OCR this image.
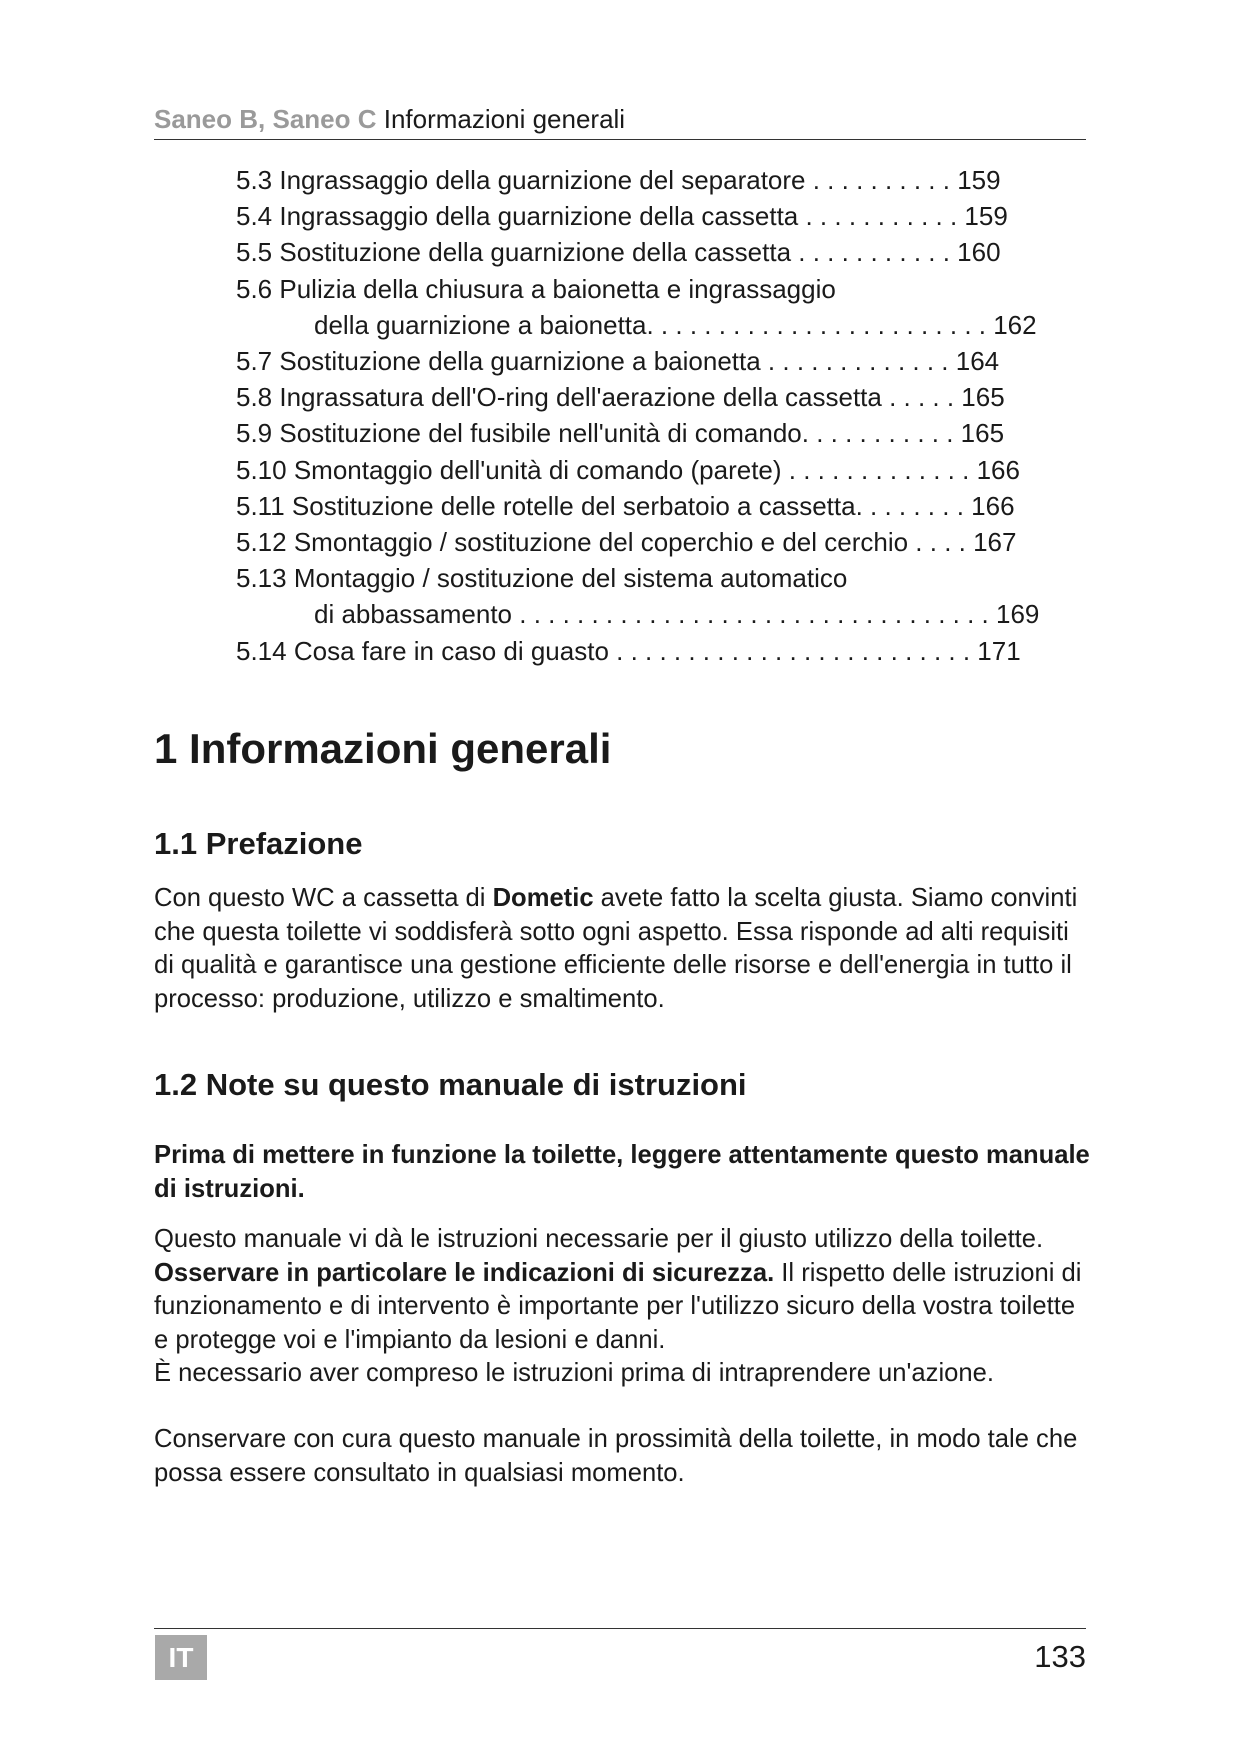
Saneo B, Saneo C Informazioni generali
5.3 Ingrassaggio della guarnizione del separatore . . . . . . . . . . 159
5.4 Ingrassaggio della guarnizione della cassetta . . . . . . . . . . . 159
5.5 Sostituzione della guarnizione della cassetta . . . . . . . . . . . 160
5.6 Pulizia della chiusura a baionetta e ingrassaggio
della guarnizione a baionetta. . . . . . . . . . . . . . . . . . . . . . . . 162
5.7 Sostituzione della guarnizione a baionetta . . . . . . . . . . . . . 164
5.8 Ingrassatura dell'O-ring dell'aerazione della cassetta . . . . . 165
5.9 Sostituzione del fusibile nell'unità di comando. . . . . . . . . . . 165
5.10 Smontaggio dell'unità di comando (parete) . . . . . . . . . . . . . 166
5.11 Sostituzione delle rotelle del serbatoio a cassetta. . . . . . . . 166
5.12 Smontaggio / sostituzione del coperchio e del cerchio . . . . 167
5.13 Montaggio / sostituzione del sistema automatico
di abbassamento . . . . . . . . . . . . . . . . . . . . . . . . . . . . . . . . . 169
5.14 Cosa fare in caso di guasto . . . . . . . . . . . . . . . . . . . . . . . . . 171
1 Informazioni generali
1.1 Prefazione

Con questo WC a cassetta di Dometic avete fatto la scelta giusta. Siamo convinti che questa toilette vi soddisferà sotto ogni aspetto. Essa risponde ad alti requisiti di qualità e garantisce una gestione efficiente delle risorse e dell'energia in tutto il processo: produzione, utilizzo e smaltimento.

1.2 Note su questo manuale di istruzioni

Prima di mettere in funzione la toilette, leggere attentamente questo manuale di istruzioni.

Questo manuale vi dà le istruzioni necessarie per il giusto utilizzo della toilette. Osservare in particolare le indicazioni di sicurezza. Il rispetto delle istruzioni di funzionamento e di intervento è importante per l'utilizzo sicuro della vostra toilette e protegge voi e l'impianto da lesioni e danni.
È necessario aver compreso le istruzioni prima di intraprendere un'azione.

Conservare con cura questo manuale in prossimità della toilette, in modo tale che possa essere consultato in qualsiasi momento.

IT	133
